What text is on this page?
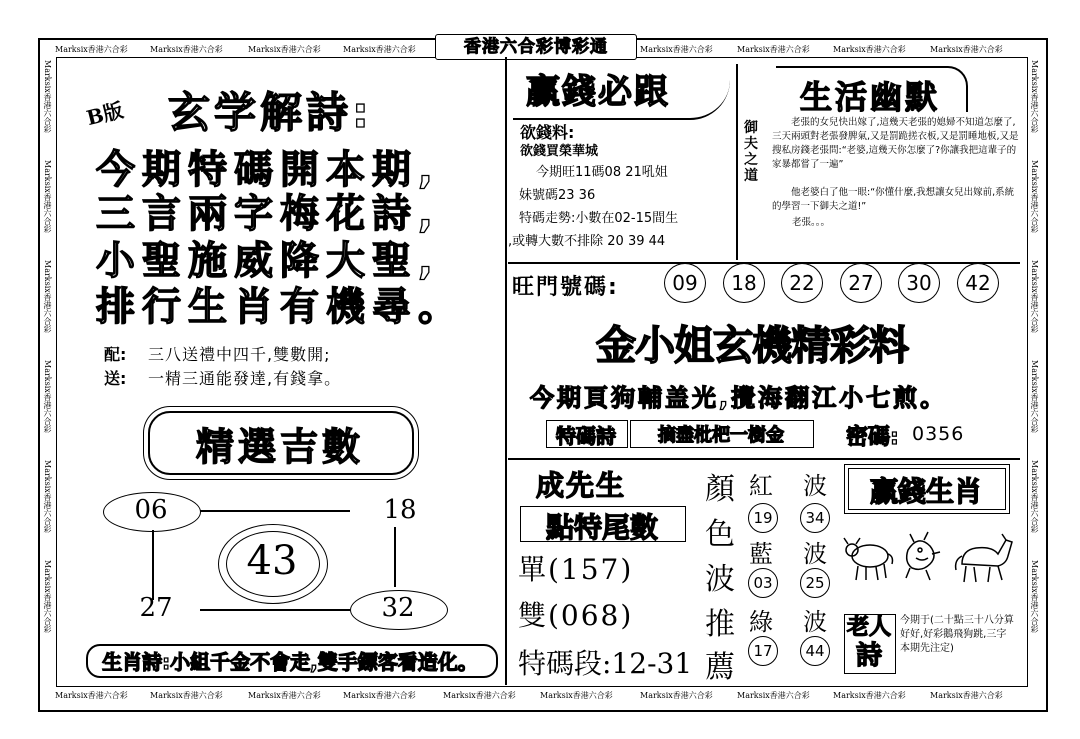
香港六合彩博彩通
Marksix香港六合彩	Marksix香港六合彩	Marksix香港六合彩	Marksix香港六合彩	Marksix香港六合彩	Marksix香港六合彩	Marksix香港六合彩	Marksix香港六合彩
Marksix香港六合彩	Marksix香港六合彩	Marksix香港六合彩	Marksix香港六合彩	Marksix香港六合彩	Marksix香港六合彩	Marksix香港六合彩	Marksix香港六合彩	Marksix香港六合彩	Marksix香港六合彩
Marksix香港六合彩
Marksix香港六合彩
Marksix香港六合彩
Marksix香港六合彩
Marksix香港六合彩
Marksix香港六合彩
Marksix香港六合彩
Marksix香港六合彩
Marksix香港六合彩
Marksix香港六合彩
Marksix香港六合彩
Marksix香港六合彩
B版 玄学解詩:
今期特碼開本期,
三言兩字梅花詩,
小聖施威降大聖,
排行生肖有機尋。
配: 三八送禮中四千,雙數開;
送: 一精三通能發達,有錢拿。
精選吉數
06	18
43
27	32
生肖詩:小組千金不會走,雙手鏢客看造化。
贏錢必跟
欲錢料:
欲錢買榮華城
今期旺11碼08 21吼姐
妹號碼23 36
特碼走勢:小數在02-15間生
,或轉大數不排除 20 39 44
御夫之道
生活幽默
老張的女兒快出嫁了,這幾天老張的媳婦不知道怎麼了,三天兩頭對老張發脾氣,又是罰跪搓衣板,又是罰睡地板,又是搜私房錢老張問:“老婆,這幾天你怎麼了?你讓我把這輩子的家暴都嘗了一遍”
他老婆白了他一眼:“你懂什麼,我想讓女兒出嫁前,系統的學習一下御夫之道!”
老張。。。
旺門號碼:	09	18	22	27	30	42
金小姐玄機精彩料
今期頁狗輔盖光,攪海翻江小七煎。
特碼詩	摘盡枇杷一樹金	密碼: 0356
成先生
點特尾數
單(157)
雙(068)
特碼段:12-31
顏
色
波
推
薦
紅 波
19	34
藍 波
03	25
綠 波
17	44
贏錢生肖
老人
詩
今期于(二十點三十八分算好好,好彩鵝飛狗跳,三字本期先注定)
